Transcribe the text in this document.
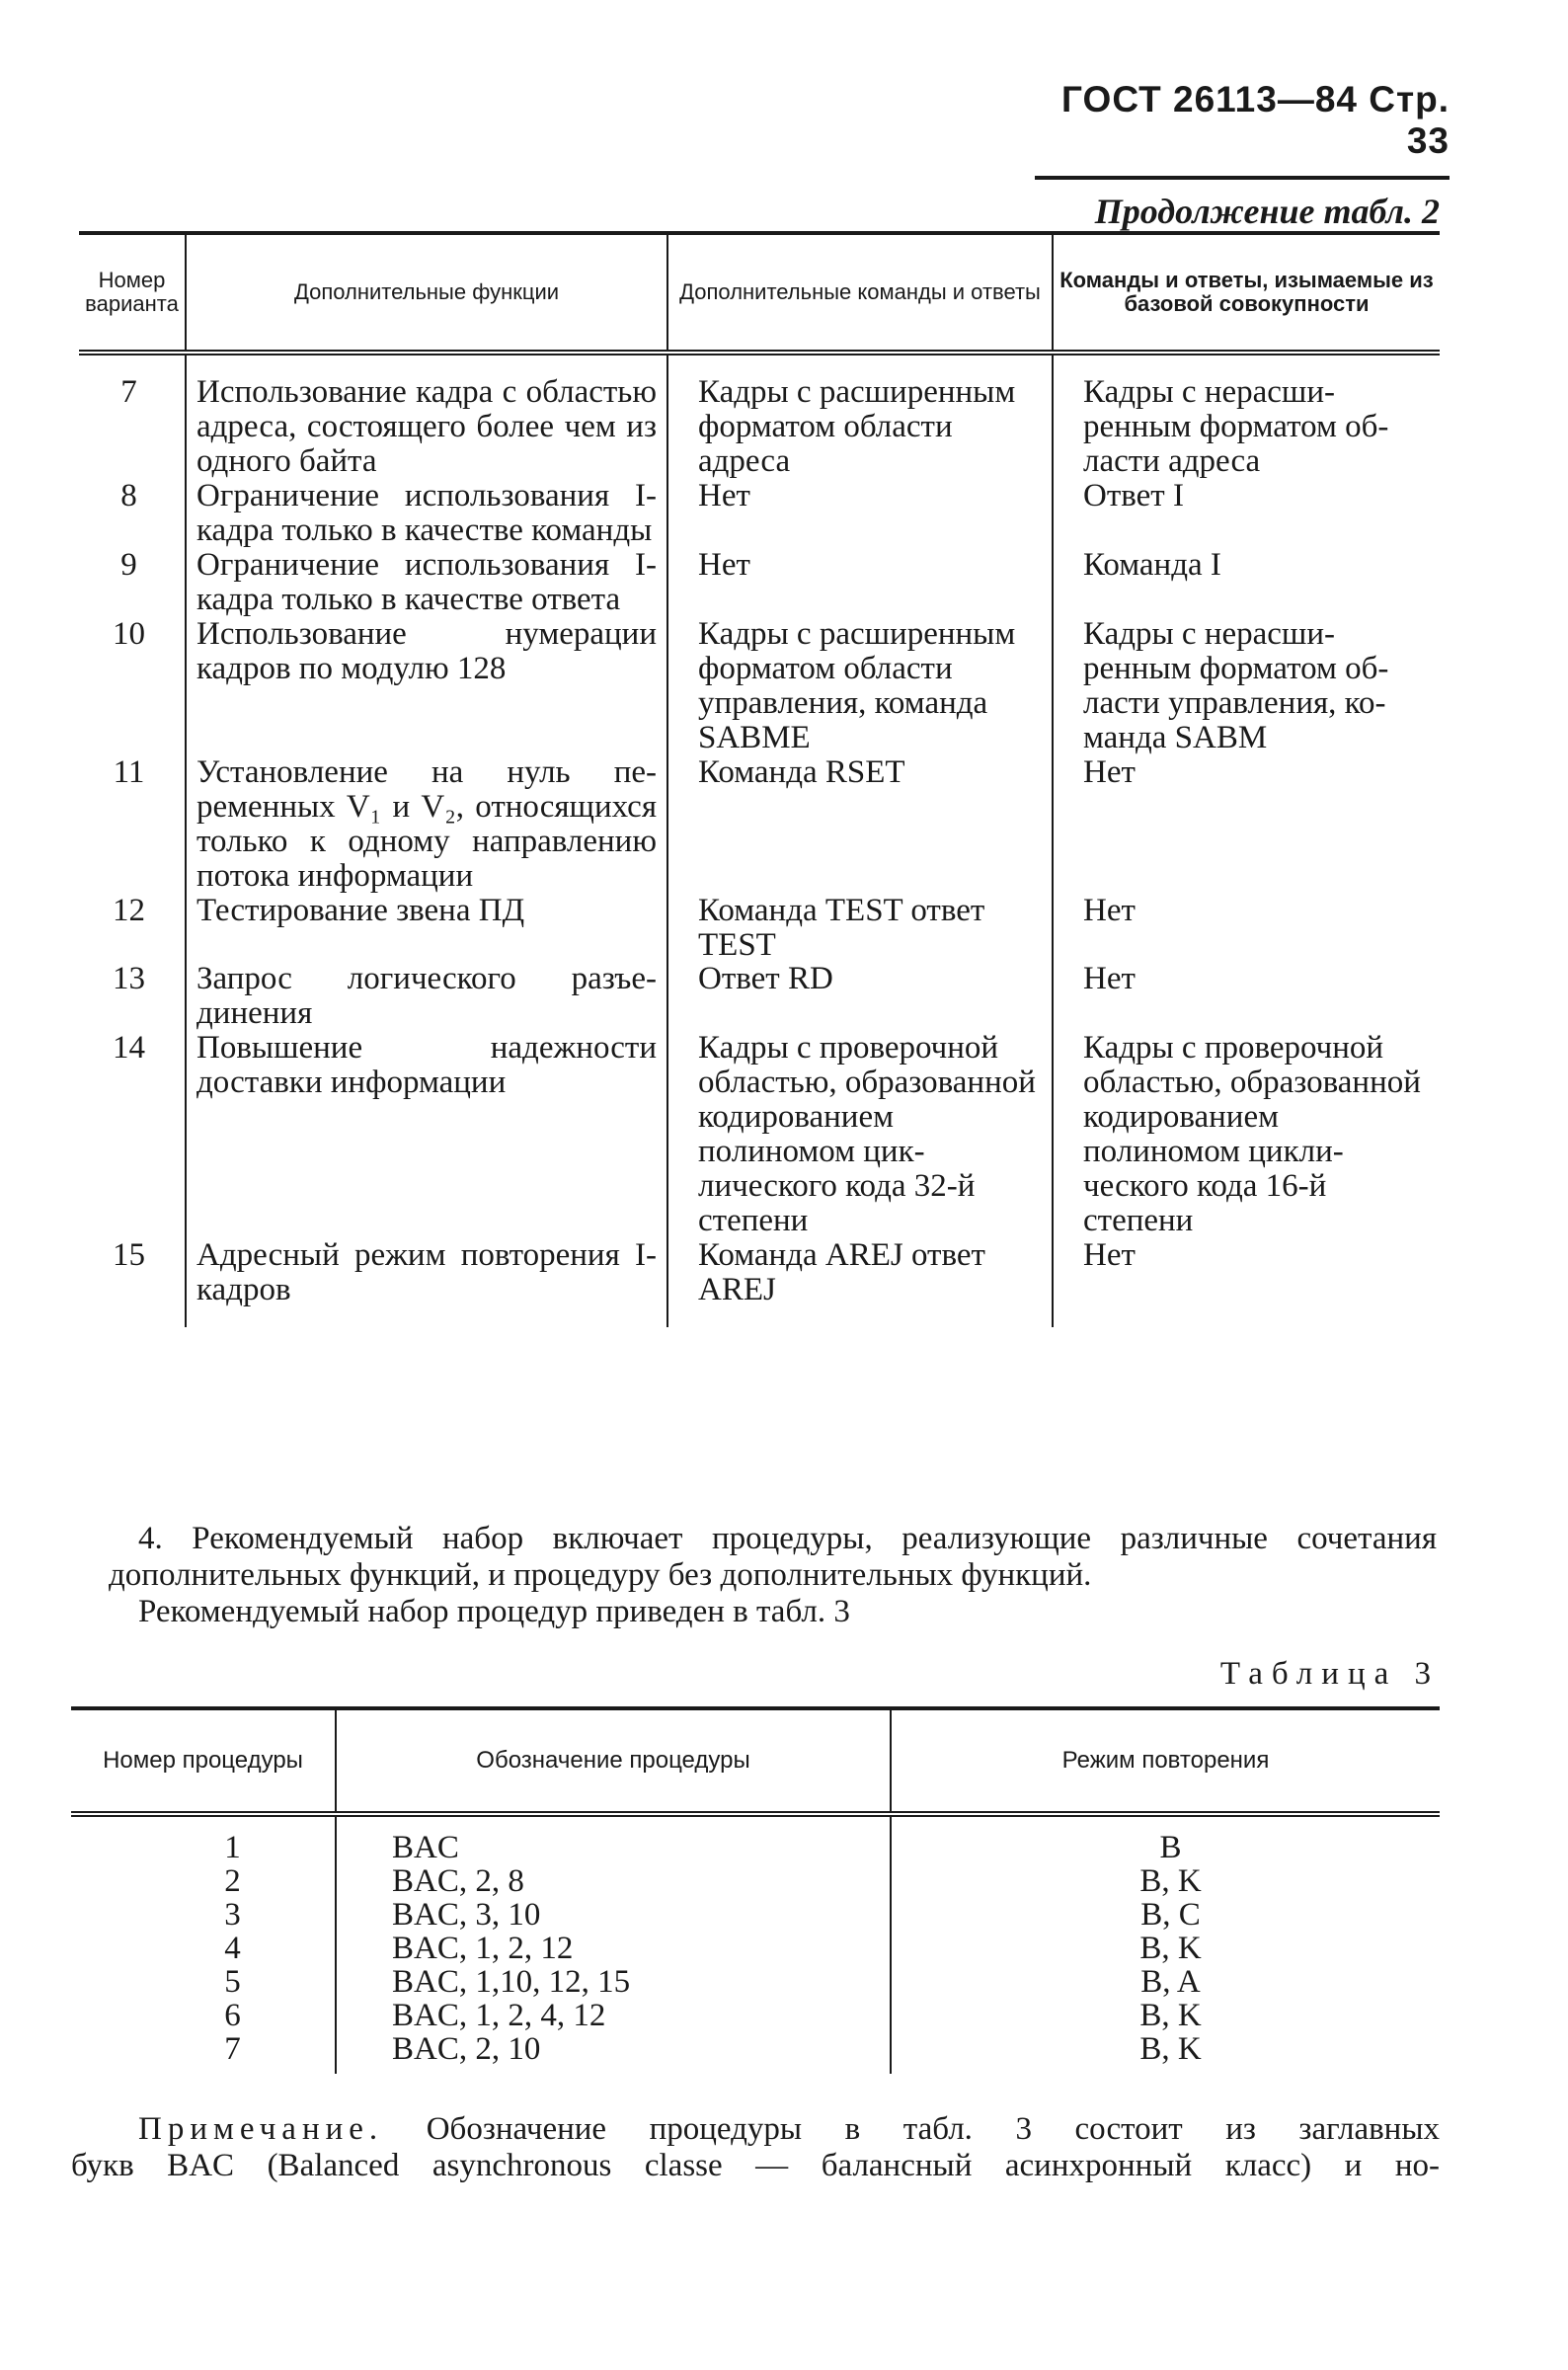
ГОСТ 26113—84 Стр. 33
Продолжение табл. 2
Номер варианта	Дополнительные функции	Дополнительные команды и ответы	Команды и ответы, изымаемые из базовой совокупности

7	Использование кадра с областью адреса, состоящего более чем из одного байта	Кадры с расширенным форматом области адреса	Кадры с нерасширенным форматом области адреса
8	Ограничение использования I-кадра только в качестве команды	Нет	Ответ I
9	Ограничение использования I-кадра только в качестве ответа	Нет	Команда I
10	Использование нумерации кадров по модулю 128	Кадры с расширенным форматом области управления, команда SABME	Кадры с нерасширенным форматом области управления, команда SABM
11	Установление на нуль переменных V₁ и V₂, относящихся только к одному направлению потока информации	Команда RSET	Нет
12	Тестирование звена ПД	Команда TEST ответ TEST	Нет
13	Запрос логического разъединения	Ответ RD	Нет
14	Повышение надежности доставки информации	Кадры с проверочной областью, образованной кодированием полиномом циклического кода 32-й степени	Кадры с проверочной областью, образованной кодированием полиномом циклического кода 16-й степени
15	Адресный режим повторения I-кадров	Команда AREJ ответ AREJ	Нет

4. Рекомендуемый набор включает процедуры, реализующие различные сочетания дополнительных функций, и процедуру без дополнительных функций.

Рекомендуемый набор процедур приведен в табл. 3

Таблица 3
Номер процедуры	Обозначение процедуры	Режим повторения

1	BAC	B
2	BAC, 2, 8	B, K
3	BAC, 3, 10	B, C
4	BAC, 1, 2, 12	B, K
5	BAC, 1,10, 12, 15	B, A
6	BAC, 1, 2, 4, 12	B, K
7	BAC, 2, 10	B, K

Примечание. Обозначение процедуры в табл. 3 состоит из заглавных

букв BAC (Balanced asynchronous classe — балансный асинхронный класс) и но-
